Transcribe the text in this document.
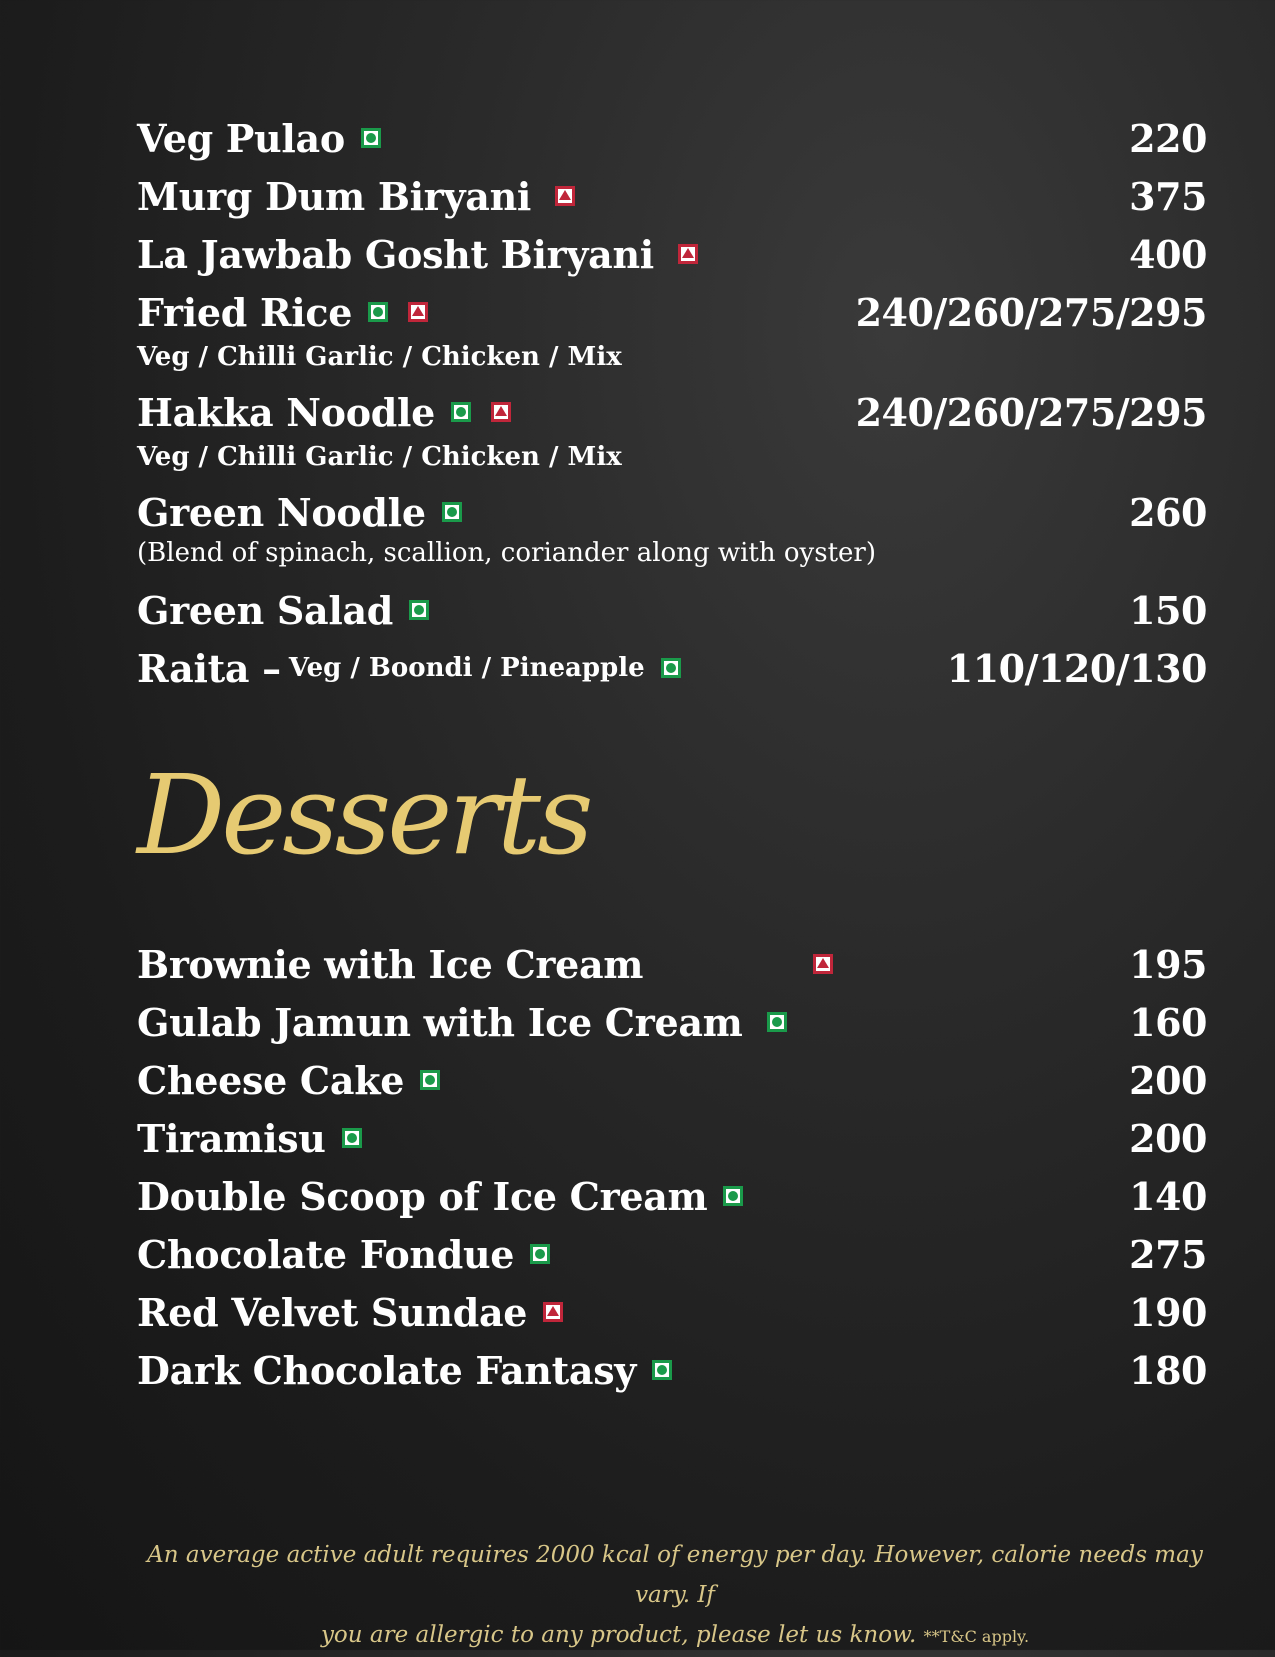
Veg Pulao	220
Murg Dum Biryani	375
La Jawbab Gosht Biryani	400
Fried Rice	240/260/275/295
Veg / Chilli Garlic / Chicken / Mix
Hakka Noodle	240/260/275/295
Veg / Chilli Garlic / Chicken / Mix
Green Noodle	260
(Blend of spinach, scallion, coriander along with oyster)
Green Salad	150
Raita – Veg / Boondi / Pineapple	110/120/130
Desserts
Brownie with Ice Cream	195
Gulab Jamun with Ice Cream	160
Cheese Cake	200
Tiramisu	200
Double Scoop of Ice Cream	140
Chocolate Fondue	275
Red Velvet Sundae	190
Dark Chocolate Fantasy	180
An average active adult requires 2000 kcal of energy per day. However, calorie needs may vary. If
you are allergic to any product, please let us know. **T&C apply.
